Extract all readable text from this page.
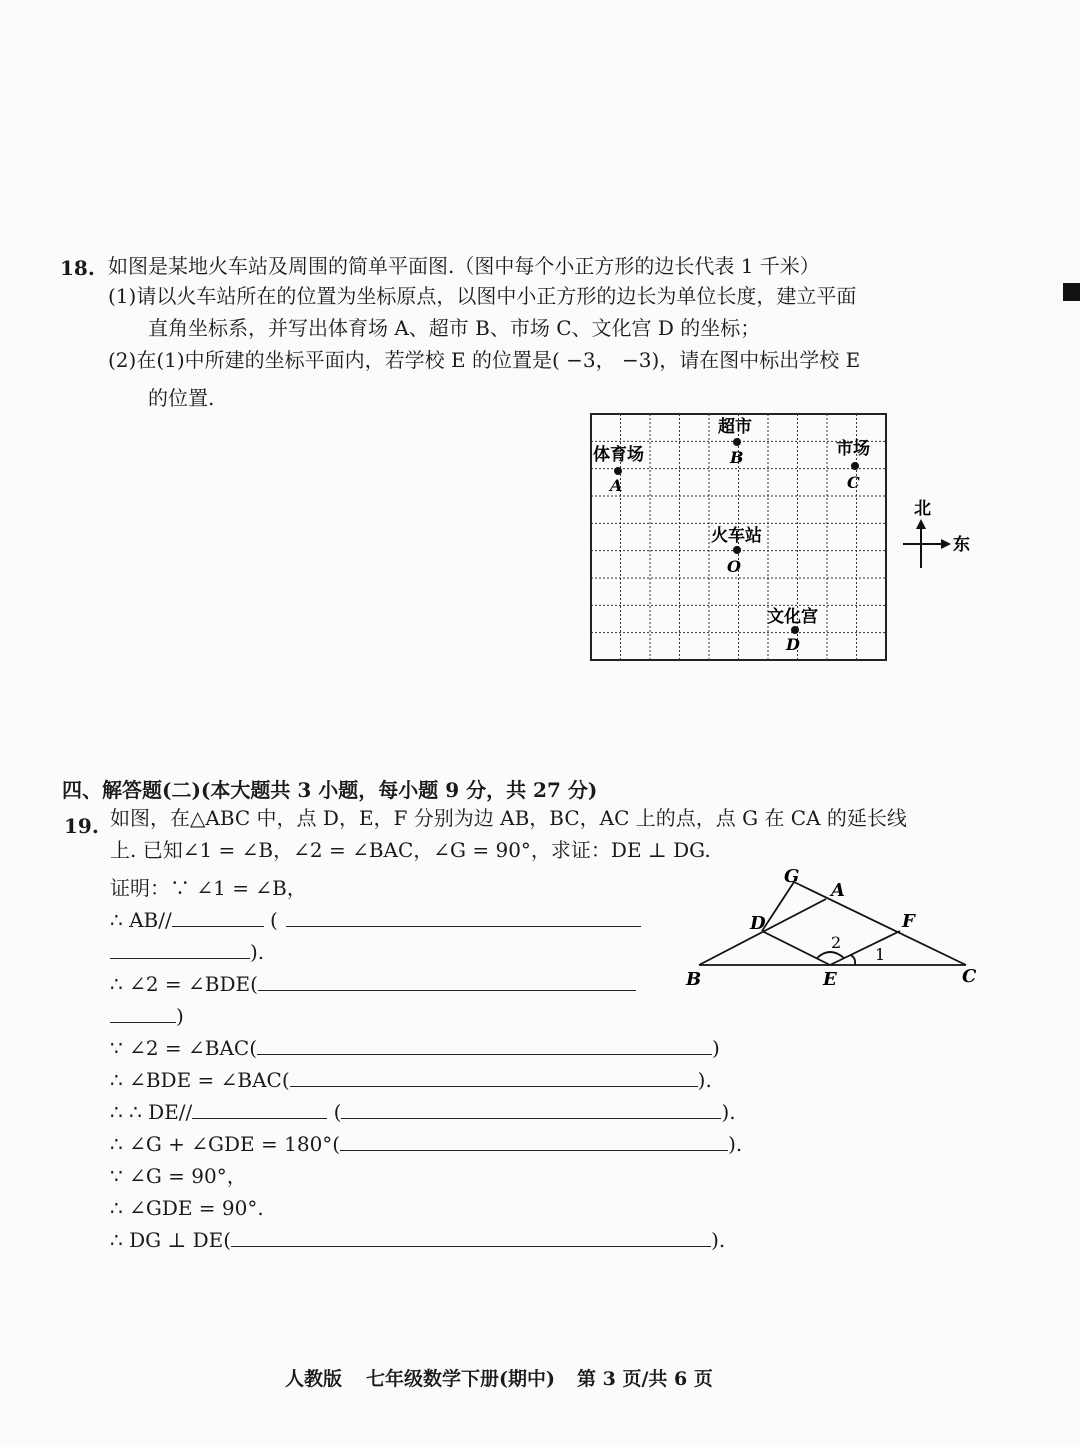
18. 如图是某地火车站及周围的简单平面图.（图中每个小正方形的边长代表 1 千米）
(1)请以火车站所在的位置为坐标原点，以图中小正方形的边长为单位长度，建立平面
直角坐标系，并写出体育场 A、超市 B、市场 C、文化宫 D 的坐标；
(2)在(1)中所建的坐标平面内，若学校 E 的位置是( −3， −3)，请在图中标出学校 E
的位置.
超市
B
体育场
A
市场
C
火车站
O
文化宫
D
北
东
四、解答题(二)(本大题共 3 小题，每小题 9 分，共 27 分)
19. 如图，在△ABC 中，点 D，E，F 分别为边 AB，BC，AC 上的点，点 G 在 CA 的延长线
上. 已知∠1 = ∠B，∠2 = ∠BAC，∠G = 90°，求证：DE ⊥ DG.
证明：∵ ∠1 = ∠B，
∴ AB//	(
).
∴ ∠2 = ∠BDE(
)
∵ ∠2 = ∠BAC(	)
∴ ∠BDE = ∠BAC(	).
∴ ∴ DE//	(	).
∴ ∠G + ∠GDE = 180°(	).
∵ ∠G = 90°，
∴ ∠GDE = 90°.
∴ DG ⊥ DE(	).
G
A
D	F
B	E	C
2
1
人教版 七年级数学下册(期中) 第 3 页/共 6 页
